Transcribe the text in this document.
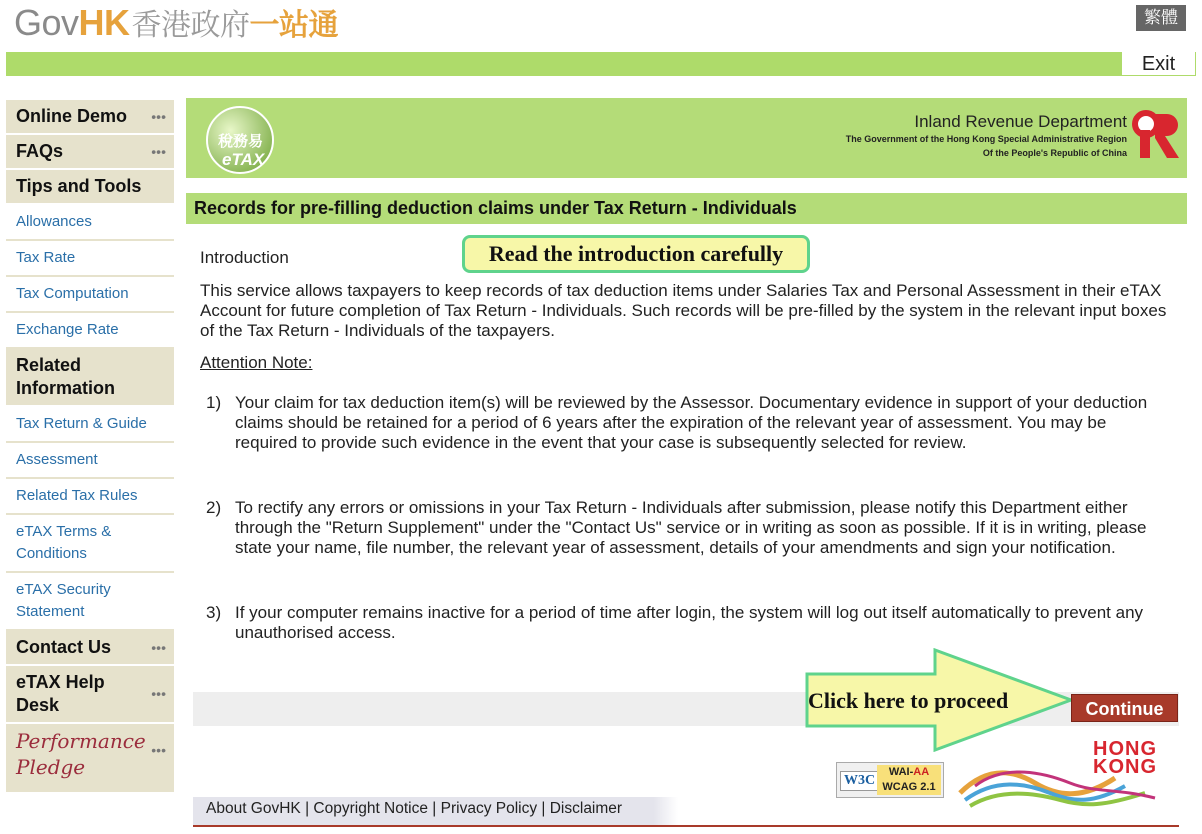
Gov HK 香港政府 一站通	繁體
Exit
Online Demo •••
FAQs	•••
Tips and Tools
Allowances
Tax Rate
Tax Computation
Exchange Rate
Related Information
Tax Return & Guide
Assessment
Related Tax Rules
eTAX Terms & Conditions
eTAX Security Statement
Contact Us	•••
eTAX Help Desk
•••
Performance
Pledge
•••
稅務易
eTAX
Inland Revenue Department
The Government of the Hong Kong Special Administrative Region
Of the People's Republic of China
Records for pre-filling deduction claims under Tax Return - Individuals
Introduction	Read the introduction carefully
This service allows taxpayers to keep records of tax deduction items under Salaries Tax and Personal Assessment in their eTAX Account for future completion of Tax Return - Individuals. Such records will be pre-filled by the system in the relevant input boxes of the Tax Return - Individuals of the taxpayers.
Attention Note:
1) Your claim for tax deduction item(s) will be reviewed by the Assessor. Documentary evidence in support of your deduction claims should be retained for a period of 6 years after the expiration of the relevant year of assessment. You may be required to provide such evidence in the event that your case is subsequently selected for review.
2) To rectify any errors or omissions in your Tax Return - Individuals after submission, please notify this Department either through the "Return Supplement" under the "Contact Us" service or in writing as soon as possible. If it is in writing, please state your name, file number, the relevant year of assessment, details of your amendments and sign your notification.
3) If your computer remains inactive for a period of time after login, the system will log out itself automatically to prevent any unauthorised access.
Click here to proceed	Continue
W3C
WAI-AA
WCAG 2.1
HONG
KONG
About GovHK | Copyright Notice | Privacy Policy | Disclaimer
